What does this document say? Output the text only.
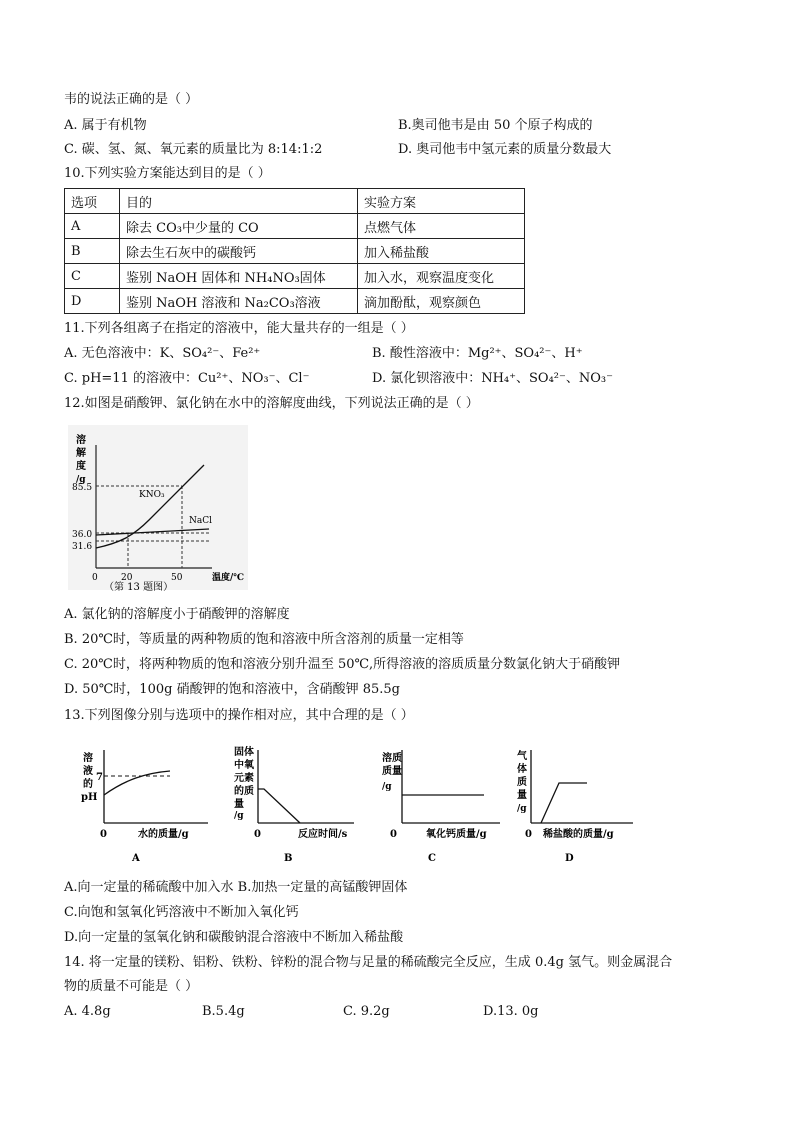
韦的说法正确的是（ ）
A. 属于有机物	B.奥司他韦是由 50 个原子构成的
C. 碳、氢、氮、氧元素的质量比为 8:14:1:2	D. 奥司他韦中氢元素的质量分数最大
10.下列实验方案能达到目的是（ ）
选项	目的	实验方案
A	除去 CO₃中少量的 CO	点燃气体
B	除去生石灰中的碳酸钙	加入稀盐酸
C	鉴别 NaOH 固体和 NH₄NO₃固体	加入水，观察温度变化
D	鉴别 NaOH 溶液和 Na₂CO₃溶液	滴加酚酞，观察颜色
11.下列各组离子在指定的溶液中，能大量共存的一组是（ ）
A. 无色溶液中：K、SO₄²⁻、Fe²⁺	B. 酸性溶液中：Mg²⁺、SO₄²⁻、H⁺
C. pH=11 的溶液中：Cu²⁺、NO₃⁻、Cl⁻	D. 氯化钡溶液中：NH₄⁺、SO₄²⁻、NO₃⁻
12.如图是硝酸钾、氯化钠在水中的溶解度曲线，下列说法正确的是（ ）
溶
解
度
/g
85.5
36.0
31.6
0	20	50	温度/℃
KNO₃
NaCl
（第 13 题图）
A. 氯化钠的溶解度小于硝酸钾的溶解度
B. 20℃时，等质量的两种物质的饱和溶液中所含溶剂的质量一定相等
C. 20℃时，将两种物质的饱和溶液分别升温至 50℃,所得溶液的溶质质量分数氯化钠大于硝酸钾
D. 50℃时，100g 硝酸钾的饱和溶液中，含硝酸钾 85.5g
13.下列图像分别与选项中的操作相对应，其中合理的是（ ）
溶
液
的
pH
7
0	水的质量/g
A
固 体
中 氧
元 素
的 质
量
/g
0	反应时间/s
B
溶 质
质 量
/g
0	氧化钙质量/g
C
气
体
质
量
/g
0 稀盐酸的质量/g
D
A.向一定量的稀硫酸中加入水 B.加热一定量的高锰酸钾固体
C.向饱和氢氧化钙溶液中不断加入氧化钙
D.向一定量的氢氧化钠和碳酸钠混合溶液中不断加入稀盐酸
14. 将一定量的镁粉、铝粉、铁粉、锌粉的混合物与足量的稀硫酸完全反应，生成 0.4g 氢气。则金属混合
物的质量不可能是（ ）
A. 4.8g	B.5.4g	C. 9.2g	D.13. 0g
